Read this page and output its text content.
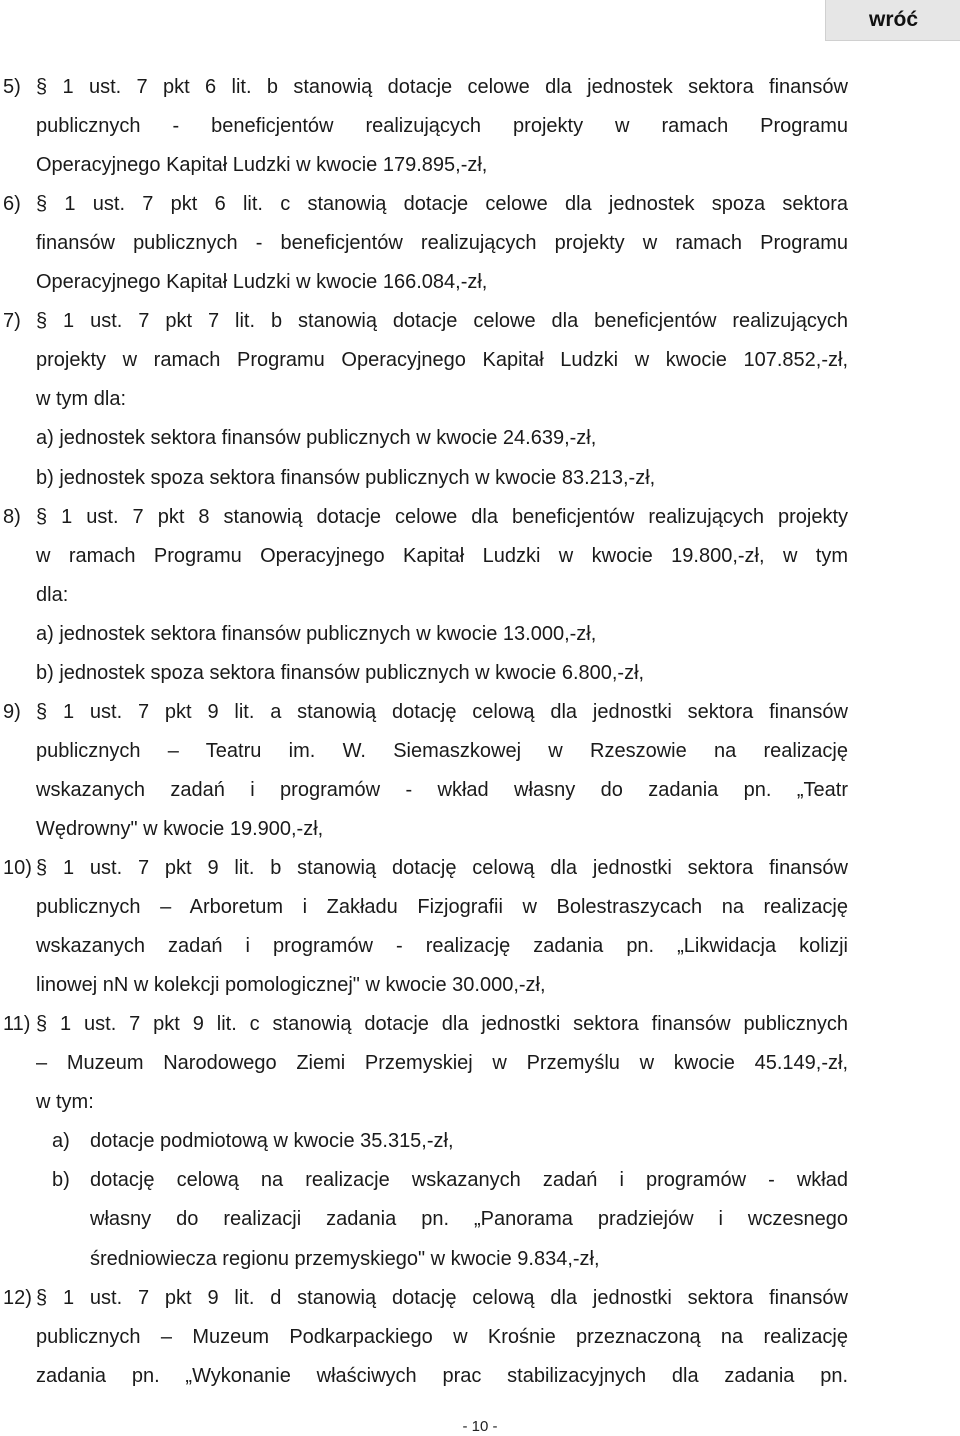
wróć
5) § 1 ust. 7 pkt 6 lit. b stanowią dotacje celowe dla jednostek sektora finansów
publicznych - beneficjentów realizujących projekty w ramach Programu
Operacyjnego Kapitał Ludzki w kwocie 179.895,-zł,
6) § 1 ust. 7 pkt 6 lit. c stanowią dotacje celowe dla jednostek spoza sektora
finansów publicznych - beneficjentów realizujących projekty w ramach Programu
Operacyjnego Kapitał Ludzki w kwocie 166.084,-zł,
7) § 1 ust. 7 pkt 7 lit. b stanowią dotacje celowe dla beneficjentów realizujących
projekty w ramach Programu Operacyjnego Kapitał Ludzki w kwocie 107.852,-zł,
w tym dla:
a) jednostek sektora finansów publicznych w kwocie 24.639,-zł,
b) jednostek spoza sektora finansów publicznych w kwocie 83.213,-zł,
8) § 1 ust. 7 pkt 8 stanowią dotacje celowe dla beneficjentów realizujących projekty
w ramach Programu Operacyjnego Kapitał Ludzki w kwocie 19.800,-zł, w tym
dla:
a) jednostek sektora finansów publicznych w kwocie 13.000,-zł,
b) jednostek spoza sektora finansów publicznych w kwocie 6.800,-zł,
9) § 1 ust. 7 pkt 9 lit. a stanowią dotację celową dla jednostki sektora finansów
publicznych – Teatru im. W. Siemaszkowej w Rzeszowie na realizację
wskazanych zadań i programów - wkład własny do zadania pn. „Teatr
Wędrowny" w kwocie 19.900,-zł,
10) § 1 ust. 7 pkt 9 lit. b stanowią dotację celową dla jednostki sektora finansów
publicznych – Arboretum i Zakładu Fizjografii w Bolestraszycach na realizację
wskazanych zadań i programów - realizację zadania pn. „Likwidacja kolizji
linowej nN w kolekcji pomologicznej" w kwocie 30.000,-zł,
11) § 1 ust. 7 pkt 9 lit. c stanowią dotacje dla jednostki sektora finansów publicznych
– Muzeum Narodowego Ziemi Przemyskiej w Przemyślu w kwocie 45.149,-zł,
w tym:
a) dotacje podmiotową w kwocie 35.315,-zł,
b) dotację celową na realizacje wskazanych zadań i programów - wkład
własny do realizacji zadania pn. „Panorama pradziejów i wczesnego
średniowiecza regionu przemyskiego" w kwocie 9.834,-zł,
12) § 1 ust. 7 pkt 9 lit. d stanowią dotację celową dla jednostki sektora finansów
publicznych – Muzeum Podkarpackiego w Krośnie przeznaczoną na realizację
zadania pn. „Wykonanie właściwych prac stabilizacyjnych dla zadania pn.
- 10 -
